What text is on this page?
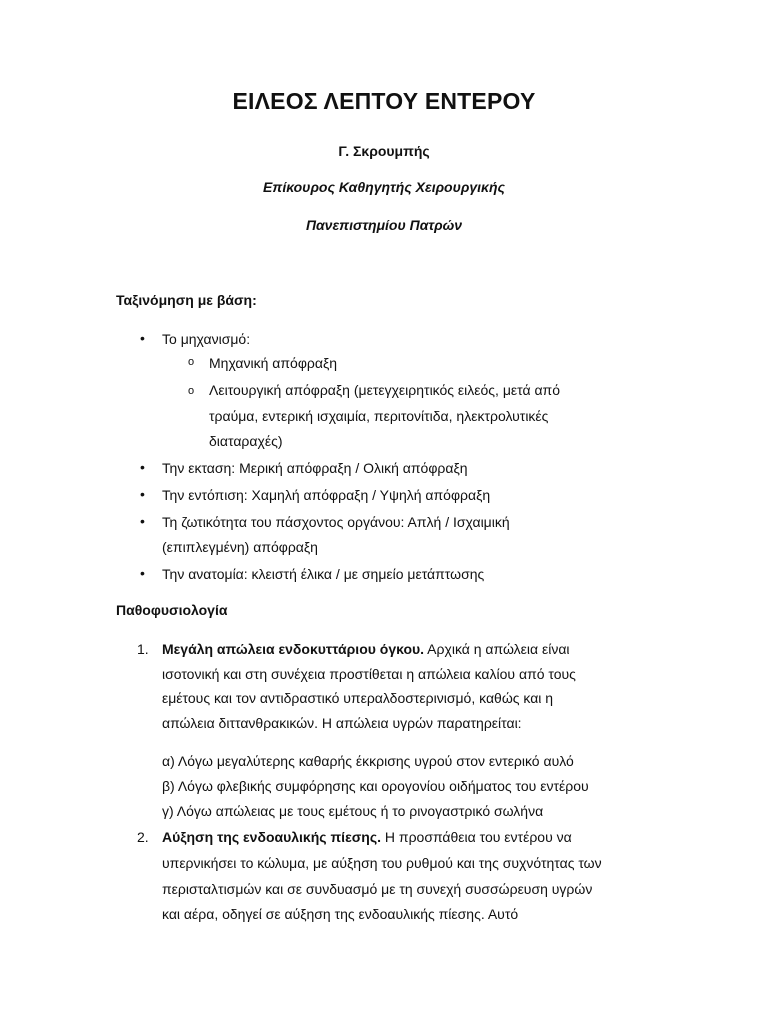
ΕΙΛΕΟΣ ΛΕΠΤΟΥ ΕΝΤΕΡΟΥ
Γ. Σκρουμπής
Επίκουρος Καθηγητής Χειρουργικής
Πανεπιστημίου Πατρών
Ταξινόμηση με βάση:
• Το μηχανισμό:
o Μηχανική απόφραξη
o Λειτουργική απόφραξη (μετεγχειρητικός ειλεός, μετά από
τραύμα, εντερική ισχαιμία, περιτονίτιδα, ηλεκτρολυτικές
διαταραχές)
• Την εκταση: Μερική απόφραξη / Ολική απόφραξη
• Την εντόπιση: Χαμηλή απόφραξη / Υψηλή απόφραξη
• Τη ζωτικότητα του πάσχοντος οργάνου: Απλή / Ισχαιμική
(επιπλεγμένη) απόφραξη
• Την ανατομία: κλειστή έλικα / με σημείο μετάπτωσης
Παθοφυσιολογία
1. Μεγάλη απώλεια ενδοκυττάριου όγκου. Αρχικά η απώλεια είναι
ισοτονική και στη συνέχεια προστίθεται η απώλεια καλίου από τους
εμέτους και τον αντιδραστικό υπεραλδοστερινισμό, καθώς και η
απώλεια διττανθρακικών. Η απώλεια υγρών παρατηρείται:
α) Λόγω μεγαλύτερης καθαρής έκκρισης υγρού στον εντερικό αυλό
β) Λόγω φλεβικής συμφόρησης και ορογονίου οιδήματος του εντέρου
γ) Λόγω απώλειας με τους εμέτους ή το ρινογαστρικό σωλήνα
2. Αύξηση της ενδοαυλικής πίεσης. Η προσπάθεια του εντέρου να
υπερνικήσει το κώλυμα, με αύξηση του ρυθμού και της συχνότητας των
περισταλτισμών και σε συνδυασμό με τη συνεχή συσσώρευση υγρών
και αέρα, οδηγεί σε αύξηση της ενδοαυλικής πίεσης. Αυτό
